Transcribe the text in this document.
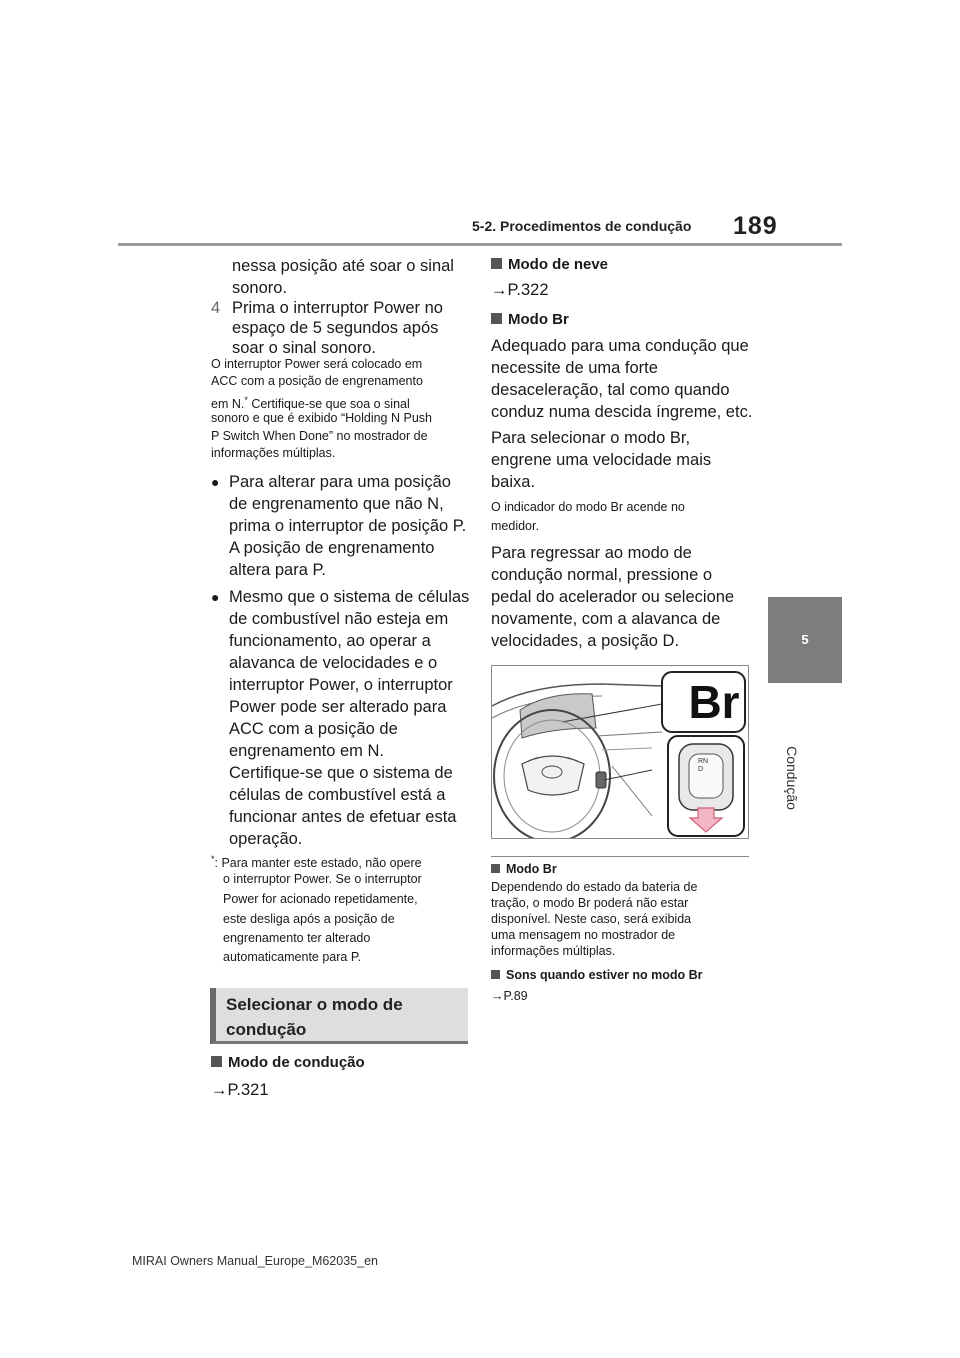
5-2. Procedimentos de condução 189
5
Condução
nessa posição até soar o sinal
sonoro.
4 Prima o interruptor Power no
espaço de 5 segundos após
soar o sinal sonoro.
O interruptor Power será colocado em
ACC com a posição de engrenamento
em N.* Certifique-se que soa o sinal
sonoro e que é exibido “Holding N Push
P Switch When Done” no mostrador de
informações múltiplas.
● Para alterar para uma posição
de engrenamento que não N,
prima o interruptor de posição P.
A posição de engrenamento
altera para P.
● Mesmo que o sistema de células
de combustível não esteja em
funcionamento, ao operar a
alavanca de velocidades e o
interruptor Power, o interruptor
Power pode ser alterado para
ACC com a posição de
engrenamento em N.
Certifique-se que o sistema de
células de combustível está a
funcionar antes de efetuar esta
operação.
*: Para manter este estado, não opere
o interruptor Power. Se o interruptor
Power for acionado repetidamente,
este desliga após a posição de
engrenamento ter alterado
automaticamente para P.
Selecionar o modo de
condução
Modo de condução
→P.321
Modo de neve
→P.322
Modo Br
Adequado para uma condução que
necessite de uma forte
desaceleração, tal como quando
conduz numa descida íngreme, etc.
Para selecionar o modo Br,
engrene uma velocidade mais
baixa.
O indicador do modo Br acende no
medidor.
Para regressar ao modo de
condução normal, pressione o
pedal do acelerador ou selecione
novamente, com a alavanca de
velocidades, a posição D.
Br
RND
Modo Br
Dependendo do estado da bateria de
tração, o modo Br poderá não estar
disponível. Neste caso, será exibida
uma mensagem no mostrador de
informações múltiplas.
Sons quando estiver no modo Br
→P.89
MIRAI Owners Manual_Europe_M62035_en
